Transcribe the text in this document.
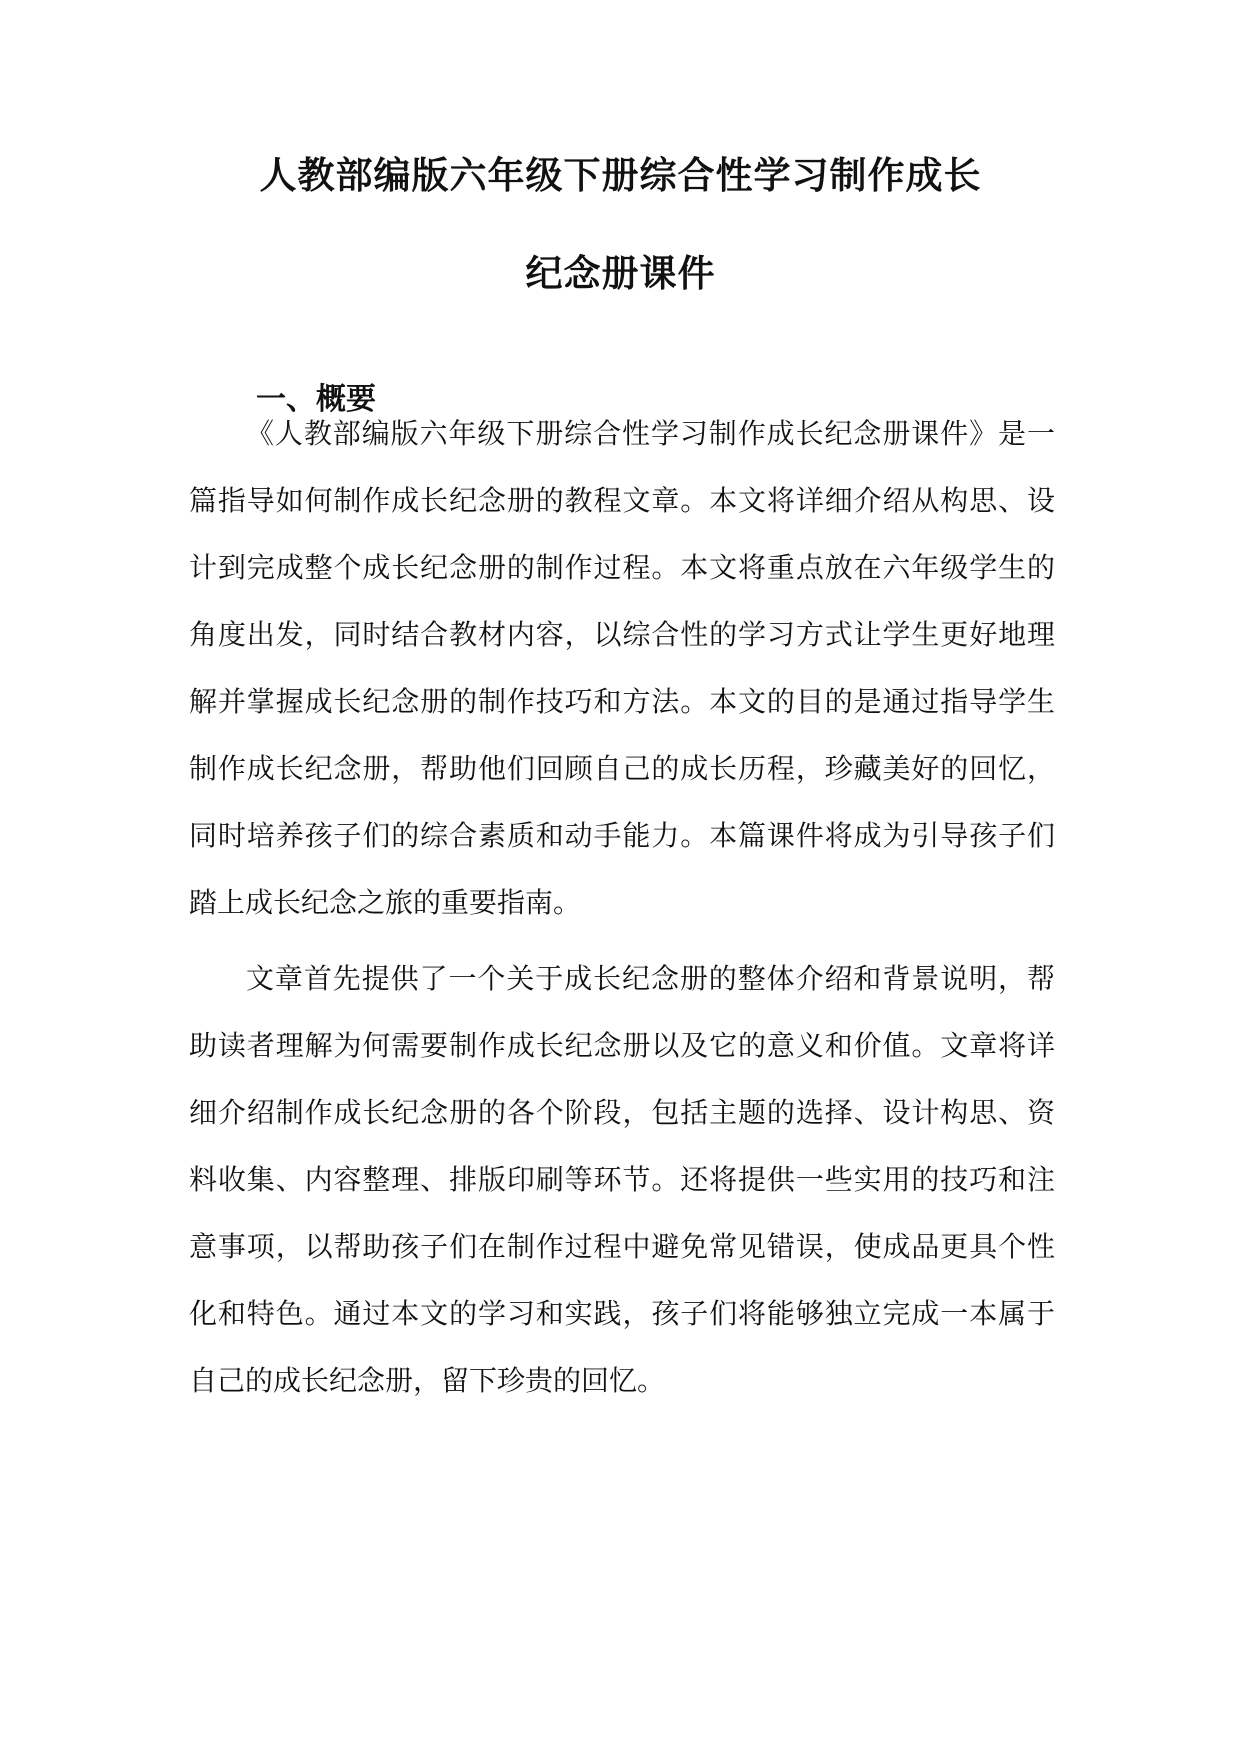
人教部编版六年级下册综合性学习制作成长
纪念册课件
一、概要
《人教部编版六年级下册综合性学习制作成长纪念册课件》是一
篇指导如何制作成长纪念册的教程文章。本文将详细介绍从构思、设
计到完成整个成长纪念册的制作过程。本文将重点放在六年级学生的
角度出发，同时结合教材内容，以综合性的学习方式让学生更好地理
解并掌握成长纪念册的制作技巧和方法。本文的目的是通过指导学生
制作成长纪念册，帮助他们回顾自己的成长历程，珍藏美好的回忆，
同时培养孩子们的综合素质和动手能力。本篇课件将成为引导孩子们
踏上成长纪念之旅的重要指南。
文章首先提供了一个关于成长纪念册的整体介绍和背景说明，帮
助读者理解为何需要制作成长纪念册以及它的意义和价值。文章将详
细介绍制作成长纪念册的各个阶段，包括主题的选择、设计构思、资
料收集、内容整理、排版印刷等环节。还将提供一些实用的技巧和注
意事项，以帮助孩子们在制作过程中避免常见错误，使成品更具个性
化和特色。通过本文的学习和实践，孩子们将能够独立完成一本属于
自己的成长纪念册，留下珍贵的回忆。
